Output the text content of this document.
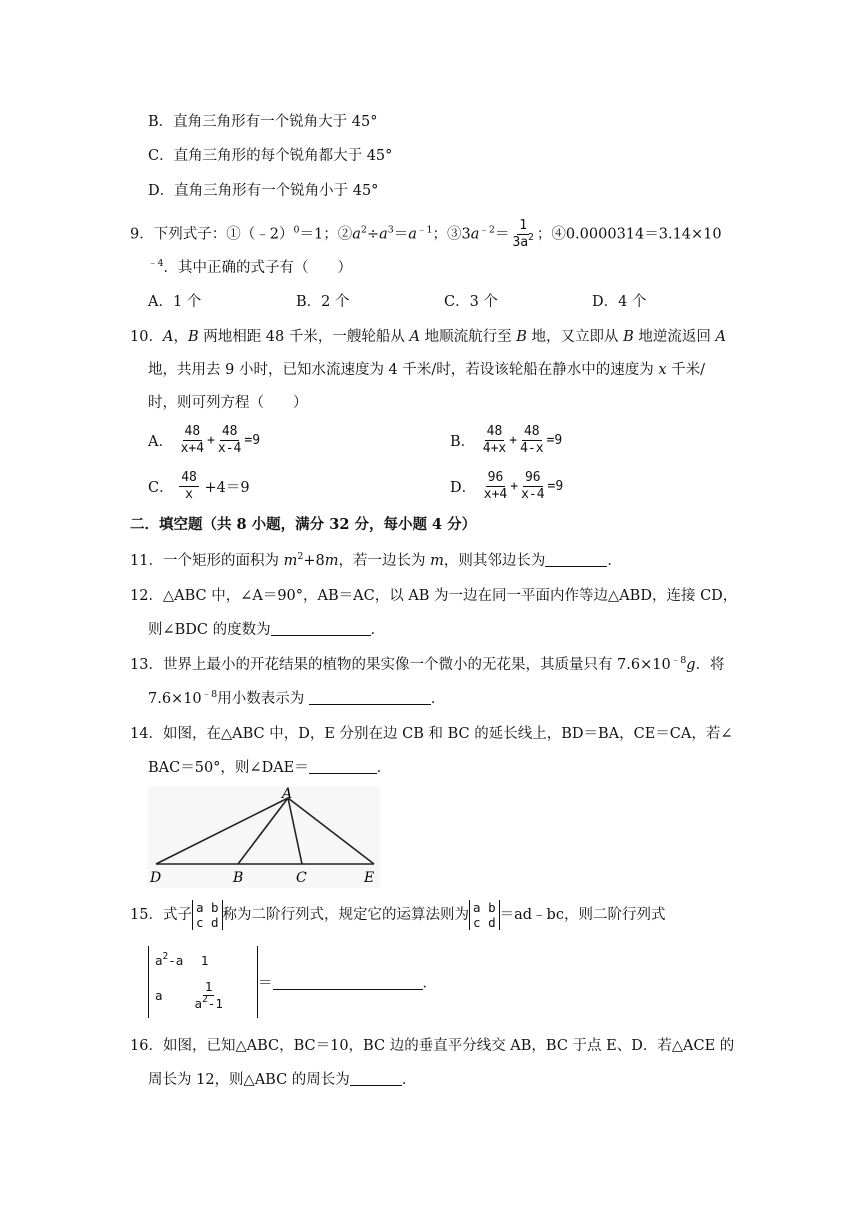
B．直角三角形有一个锐角大于 45°
C．直角三角形的每个锐角都大于 45°
D．直角三角形有一个锐角小于 45°
9．下列式子：①（﹣2）$^0$＝1；$②a^2\div a^3=a^{﹣1}$；$③3a^{﹣2}= \frac{1}{3a^2}$ ；④0.0000314＝3.14×10
$^{﹣4}$．其中正确的式子有（　　）
A．1 个	B．2 个	C．3 个	D．4 个
10．A，B 两地相距 48 千米，一艘轮船从 A 地顺流航行至 B 地，又立即从 B 地逆流返回 A
地，共用去 9 小时，已知水流速度为 4 千米/时，若设该轮船在静水中的速度为 x 千米/
时，则可列方程（　　）
A． $\frac{48}{x+4} + \frac{48}{x-4} =9$	B． $\frac{48}{4+x} + \frac{48}{4-x} =9$
C． $\frac{48}{x} +4=9$	D． $\frac{96}{x+4} + \frac{96}{x-4} =9$
二．填空题（共 8 小题，满分 32 分，每小题 4 分）
11．一个矩形的面积为 $m^2+8m$，若一边长为 m，则其邻边长为	．
12．△ABC 中，∠A＝90°，AB＝AC，以 AB 为一边在同一平面内作等边△ABD，连接 CD，
则∠BDC 的度数为	．
13．世界上最小的开花结果的植物的果实像一个微小的无花果，其质量只有 $7.6\times 10^{﹣8}g$．将
$7.6\times 10^{﹣8}$用小数表示为	．
14．如图，在△ABC 中，D，E 分别在边 CB 和 BC 的延长线上，BD＝BA，CE＝CA，若∠
BAC＝50°，则∠DAE＝	．
A
D	B	C	E
15．式子 a b
c d 称为二阶行列式，规定它的运算法则为 a b
c d ＝ad﹣bc，则二阶行列式
$a^2-a$ 1
a $\frac{1}{a^2-1}$ ＝	．
16．如图，已知△ABC，BC＝10，BC 边的垂直平分线交 AB，BC 于点 E、D．若△ACE 的
周长为 12，则△ABC 的周长为	．
